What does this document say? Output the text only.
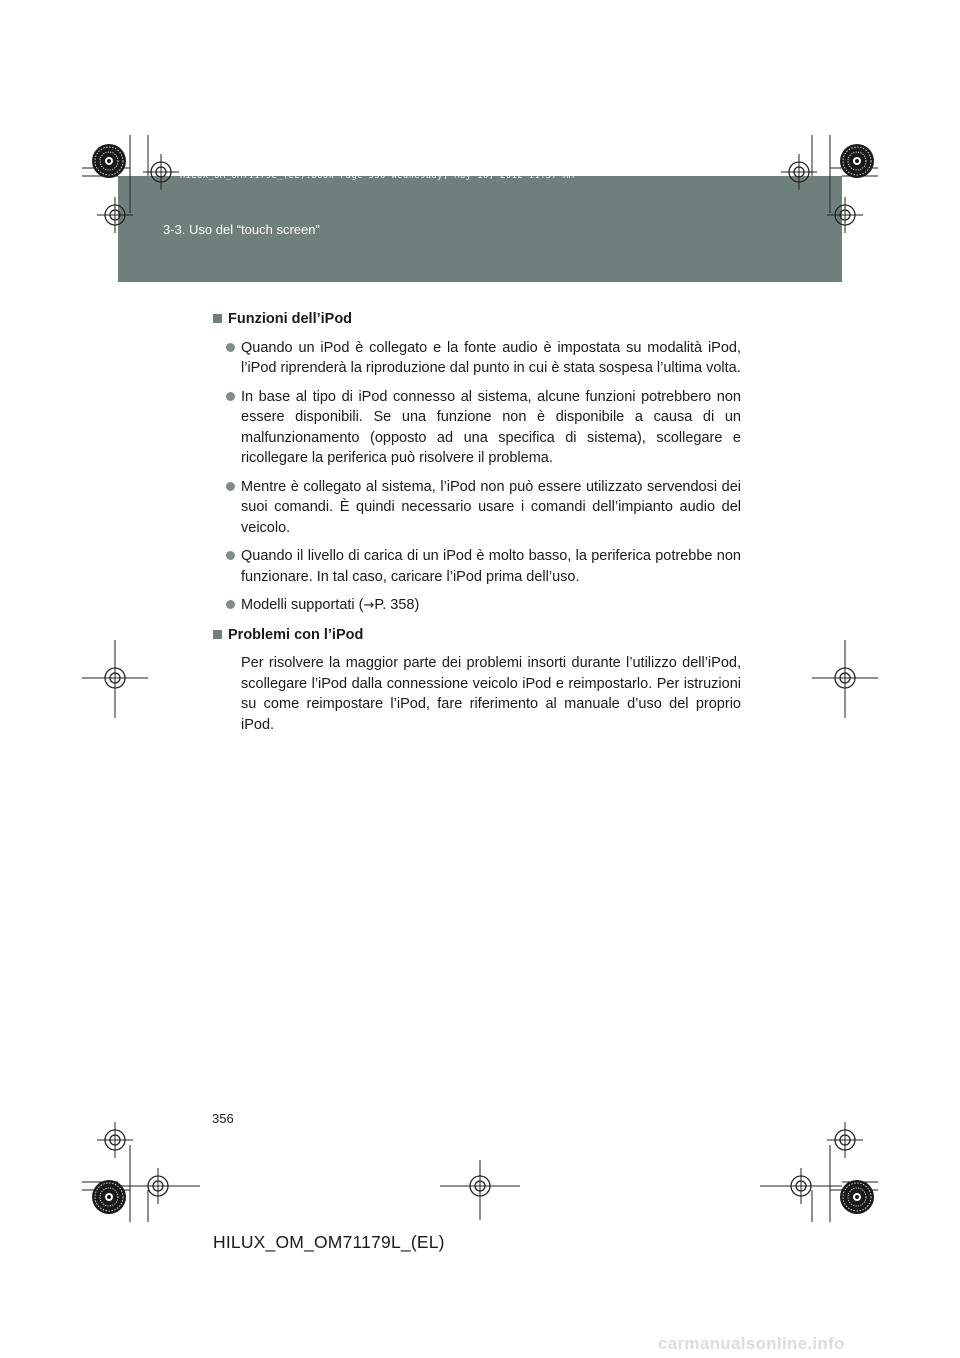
HILUX_OM_OM71179L_(EL).book Page 356 Wednesday, May 16, 2012 11:37 AM
3-3. Uso del “touch screen”
Funzioni dell’iPod
Quando un iPod è collegato e la fonte audio è impostata su modalità iPod, l’iPod riprenderà la riproduzione dal punto in cui è stata sospesa l’ultima volta.
In base al tipo di iPod connesso al sistema, alcune funzioni potrebbero non essere disponibili. Se una funzione non è disponibile a causa di un malfunzionamento (opposto ad una specifica di sistema), scollegare e ricollegare la periferica può risolvere il problema.
Mentre è collegato al sistema, l’iPod non può essere utilizzato servendosi dei suoi comandi. È quindi necessario usare i comandi dell’impianto audio del veicolo.
Quando il livello di carica di un iPod è molto basso, la periferica potrebbe non funzionare. In tal caso, caricare l’iPod prima dell’uso.
Modelli supportati (→P. 358)
Problemi con l’iPod
Per risolvere la maggior parte dei problemi insorti durante l’utilizzo dell’iPod, scollegare l’iPod dalla connessione veicolo iPod e reimpostarlo. Per istruzioni su come reimpostare l’iPod, fare riferimento al manuale d’uso del proprio iPod.
356
HILUX_OM_OM71179L_(EL)
carmanualsonline.info
